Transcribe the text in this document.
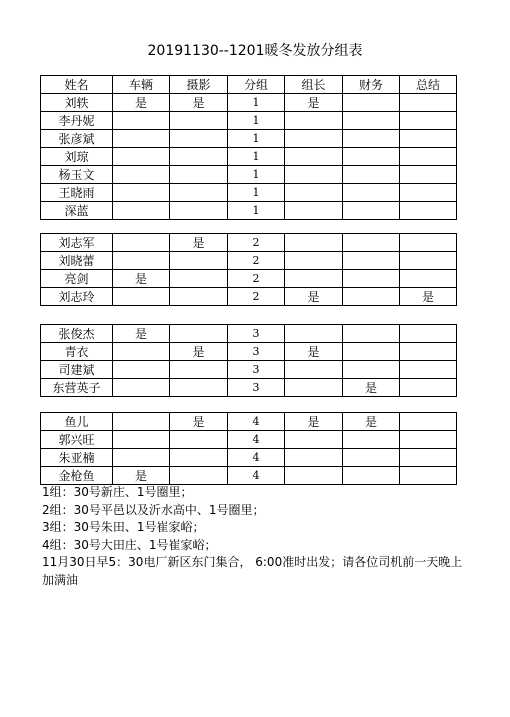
20191130--1201暖冬发放分组表
姓名	车辆	摄影	分组	组长	财务	总结
刘轶	是	是	1	是		
李丹妮			1			
张彦斌			1			
刘琼			1			
杨玉文			1			
王晓雨			1			
深蓝			1			
刘志军		是	2			
刘晓蕾			2			
亮剑	是		2			
刘志玲			2	是		是
张俊杰	是		3			
青衣		是	3	是		
司建斌			3			
东营英子			3		是	
鱼儿		是	4	是	是	
郭兴旺			4			
朱亚楠			4			
金枪鱼	是		4			
1组：30号新庄、1号圈里；
2组：30号平邑以及沂水高中、1号圈里；
3组：30号朱田、1号崔家峪；
4组：30号大田庄、1号崔家峪；
11月30日早5：30电厂新区东门集合， 6:00准时出发；请各位司机前一天晚上加满油
